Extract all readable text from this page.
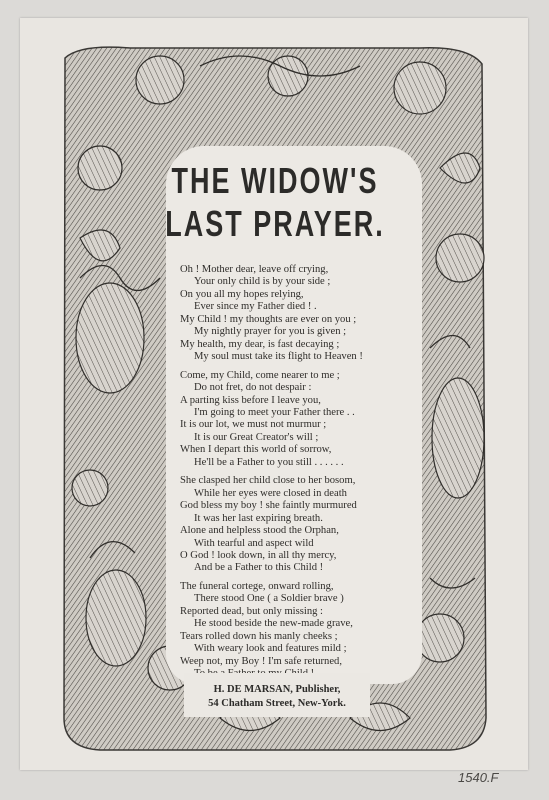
THE WIDOW'S
LAST PRAYER.
Oh ! Mother dear, leave off crying,
Your only child is by your side ;
On you all my hopes relying,
Ever since my Father died ! .
My Child ! my thoughts are ever on you ;
My nightly prayer for you is given ;
My health, my dear, is fast decaying ;
My soul must take its flight to Heaven !
Come, my Child, come nearer to me ;
Do not fret, do not despair :
A parting kiss before I leave you,
I'm going to meet your Father there . .
It is our lot, we must not murmur ;
It is our Great Creator's will ;
When I depart this world of sorrow,
He'll be a Father to you still . . . . . .
She clasped her child close to her bosom,
While her eyes were closed in death
God bless my boy ! she faintly murmured
It was her last expiring breath.
Alone and helpless stood the Orphan,
With tearful and aspect wild
O God ! look down, in all thy mercy,
And be a Father to this Child !
The funeral cortege, onward rolling,
There stood One ( a Soldier brave )
Reported dead, but only missing :
He stood beside the new-made grave,
Tears rolled down his manly cheeks ;
With weary look and features mild ;
Weep not, my Boy ! I'm safe returned,
H. DE MARSAN, Publisher,
54 Chatham Street, New-York.
1540.F
